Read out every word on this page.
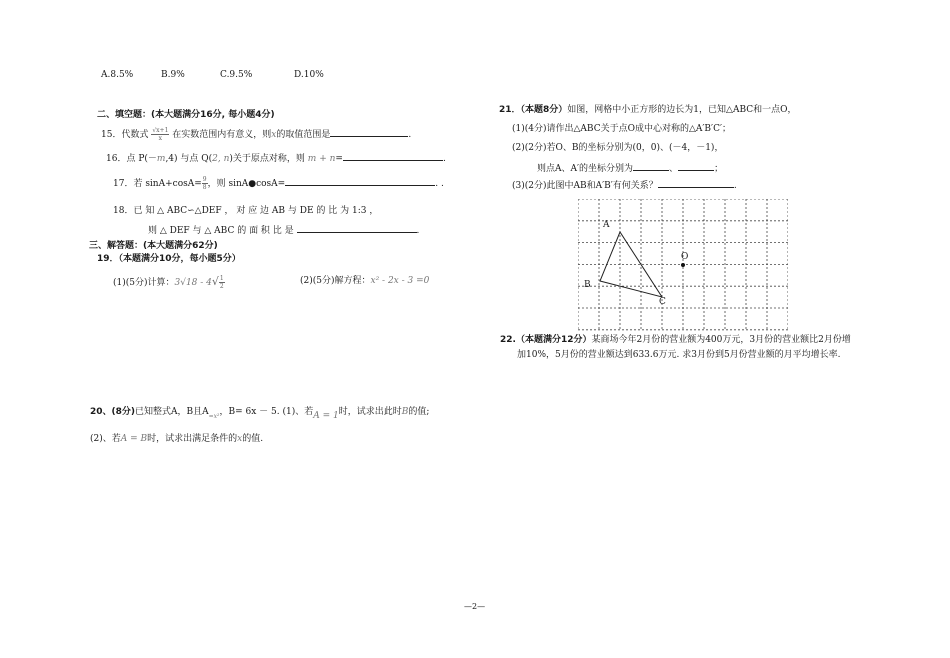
A.8.5%	B.9%	C.9.5%	D.10%
二、填空题：(本大题满分16分, 每小题4分)
15．代数式 $\frac{√x+1}{x}$ 在实数范围内有意义，则x的取值范围是	.
16．点 P(－m,4) 与点 Q(2, n)关于原点对称，则 m + n=	.
17．若 $\sin A+\cos A= \frac{9}{8}$ ，则 sinA●cosA=	. .
18．已 知 △ ABC∽△DEF ， 对 应 边 AB 与 DE 的 比 为 1:3 ，
则 △ DEF 与 △ ABC 的 面 积 比 是	.
三、解答题：(本大题满分62分)
19．（本题满分10分，每小题5分）
(1)(5分)计算：$3√18 - 4√ \frac{1}{2}$	(2)(5分)解方程：x² - 2x - 3 =0
20、(8分)已知整式A，B且$A_{=x^2}$，B= 6x － 5. (1)、若A = 1时，试求出此时B的值;
(2)、若A = B时，试求出满足条件的x的值.
21．（本题8分）如图，网格中小正方形的边长为1，已知△ABC和一点O，
(1)(4分)请作出△ABC关于点O成中心对称的△A′B′C′；
(2)(2分)若O、B的坐标分别为(0，0)、(－4，－1)，
则点A、A′的坐标分别为	、	；
(3)(2分)此图中AB和A′B′有何关系？	.
A
B
C
O
22.（本题满分12分）某商场今年2月份的营业额为400万元，3月份的营业额比2月份增
加10%，5月份的营业额达到633.6万元. 求3月份到5月份营业额的月平均增长率.
—2—
